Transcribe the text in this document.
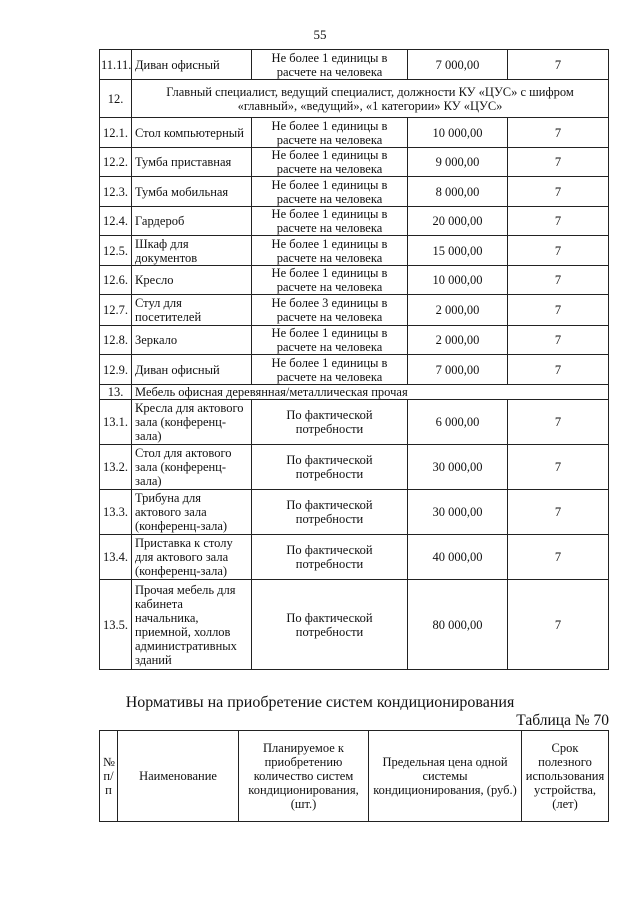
55
11.11.	Диван офисный	Не более 1 единицы в расчете на человека	7 000,00	7
12.	Главный специалист, ведущий специалист, должности КУ «ЦУС» с шифром «главный», «ведущий», «1 категории» КУ «ЦУС»			
12.1.	Стол компьютерный	Не более 1 единицы в расчете на человека	10 000,00	7
12.2.	Тумба приставная	Не более 1 единицы в расчете на человека	9 000,00	7
12.3.	Тумба мобильная	Не более 1 единицы в расчете на человека	8 000,00	7
12.4.	Гардероб	Не более 1 единицы в расчете на человека	20 000,00	7
12.5.	Шкаф для документов	Не более 1 единицы в расчете на человека	15 000,00	7
12.6.	Кресло	Не более 1 единицы в расчете на человека	10 000,00	7
12.7.	Стул для посетителей	Не более 3 единицы в расчете на человека	2 000,00	7
12.8.	Зеркало	Не более 1 единицы в расчете на человека	2 000,00	7
12.9.	Диван офисный	Не более 1 единицы в расчете на человека	7 000,00	7
13.	Мебель офисная деревянная/металлическая прочая			
13.1.	Кресла для актового зала (конференц-зала)	По фактической потребности	6 000,00	7
13.2.	Стол для актового зала (конференц-зала)	По фактической потребности	30 000,00	7
13.3.	Трибуна для актового зала (конференц-зала)	По фактической потребности	30 000,00	7
13.4.	Приставка к столу для актового зала (конференц-зала)	По фактической потребности	40 000,00	7
13.5.	Прочая мебель для кабинета начальника, приемной, холлов административных зданий	По фактической потребности	80 000,00	7
Нормативы на приобретение систем кондиционирования
Таблица № 70
№ п/п	Наименование	Планируемое к приобретению количество систем кондиционирования, (шт.)	Предельная цена одной системы кондиционирования, (руб.)	Срок полезного использования устройства, (лет)
